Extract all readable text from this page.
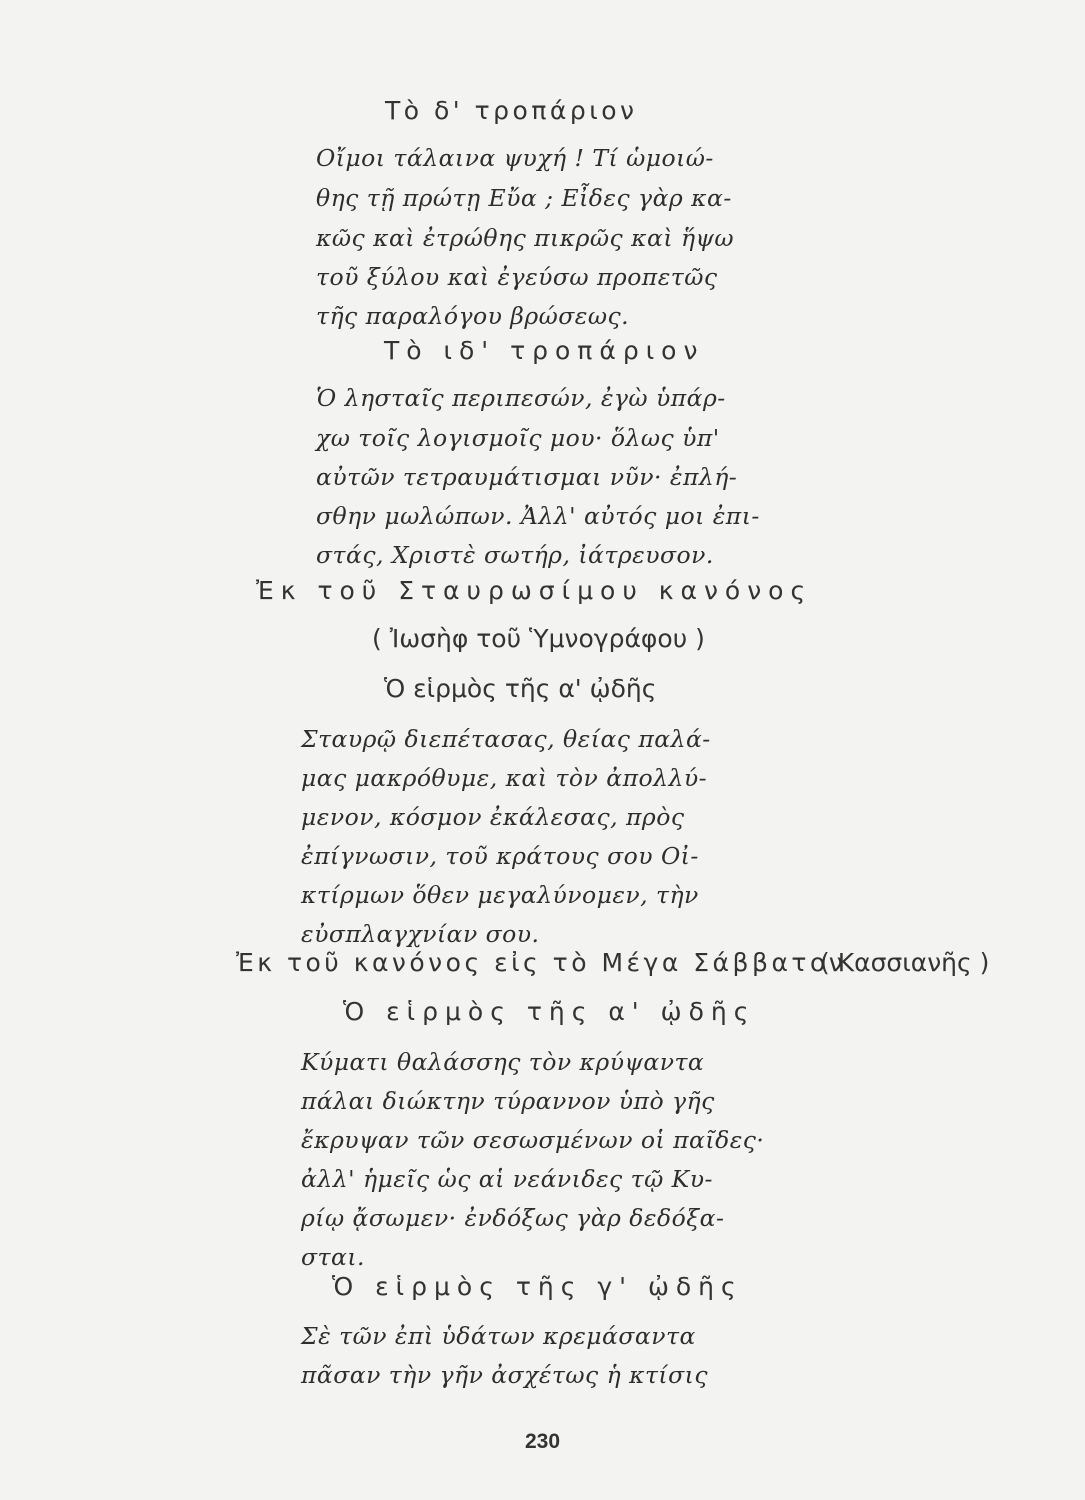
Τὸ δ' τροπάριον
Οἴμοι τάλαινα ψυχή ! Τί ὡμοιώ-
θης τῇ πρώτῃ Εὔα ; Εἶδες γὰρ κα-
κῶς καὶ ἐτρώθης πικρῶς καὶ ἥψω
τοῦ ξύλου καὶ ἐγεύσω προπετῶς
τῆς παραλόγου βρώσεως.
Τὸ ιδ' τροπάριον
Ὁ λησταῖς περιπεσών, ἐγὼ ὑπάρ-
χω τοῖς λογισμοῖς μου· ὅλως ὑπ'
αὐτῶν τετραυμάτισμαι νῦν· ἐπλή-
σθην μωλώπων. Ἀλλ' αὐτός μοι ἐπι-
στάς, Χριστὲ σωτήρ, ἰάτρευσον.
Ἐκ τοῦ Σταυρωσίμου κανόνος
( Ἰωσὴφ τοῦ Ὑμνογράφου )
Ὁ εἱρμὸς τῆς α' ᾠδῆς
Σταυρῷ διεπέτασας, θείας παλά-
μας μακρόθυμε, καὶ τὸν ἀπολλύ-
μενον, κόσμον ἐκάλεσας, πρὸς
ἐπίγνωσιν, τοῦ κράτους σου Οἰ-
κτίρμων ὅθεν μεγαλύνομεν, τὴν
εὐσπλαγχνίαν σου.
Ἐκ τοῦ κανόνος εἰς τὸ Μέγα Σάββατον
( Κασσιανῆς )
Ὁ εἱρμὸς τῆς α' ᾠδῆς
Κύματι θαλάσσης τὸν κρύψαντα
πάλαι διώκτην τύραννον ὑπὸ γῆς
ἔκρυψαν τῶν σεσωσμένων οἱ παῖδες·
ἀλλ' ἡμεῖς ὡς αἱ νεάνιδες τῷ Κυ-
ρίῳ ᾄσωμεν· ἐνδόξως γὰρ δεδόξα-
σται.
Ὁ εἱρμὸς τῆς γ' ᾠδῆς
Σὲ τῶν ἐπὶ ὑδάτων κρεμάσαντα
πᾶσαν τὴν γῆν ἀσχέτως ἡ κτίσις
230
